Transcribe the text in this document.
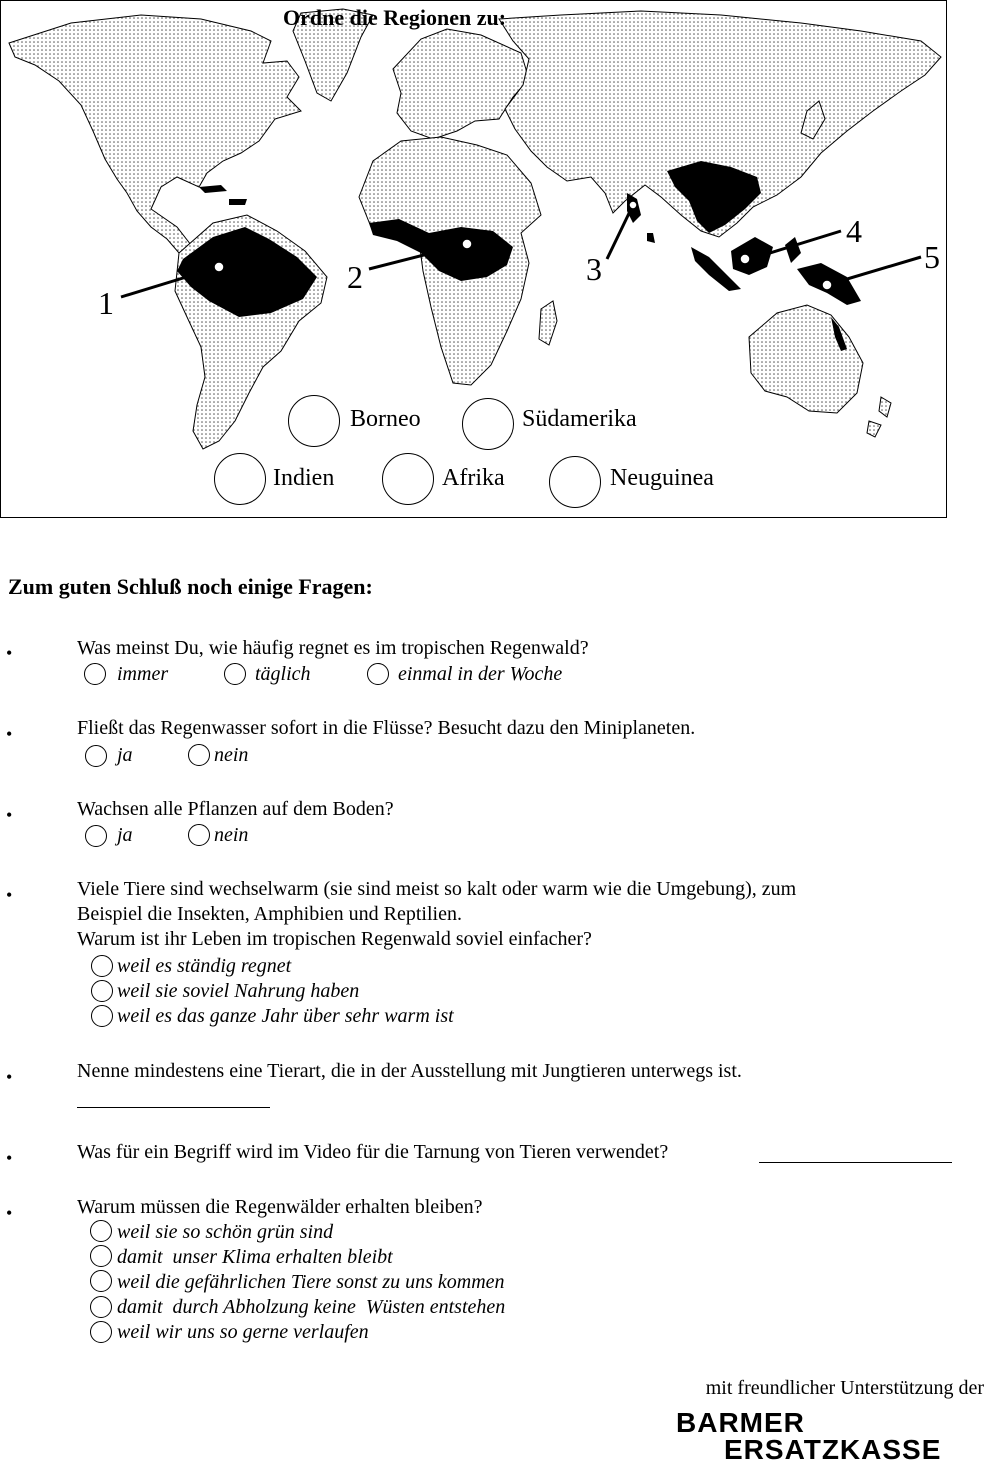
Ordne die Regionen zu:
1
2	3
4
5
Borneo	Südamerika
Indien	Afrika	Neuguinea
Zum guten Schluß noch einige Fragen:
•	Was meinst Du, wie häufig regnet es im tropischen Regenwald?
immer	täglich	einmal in der Woche
•	Fließt das Regenwasser sofort in die Flüsse? Besucht dazu den Miniplaneten.
ja	nein
•	Wachsen alle Pflanzen auf dem Boden?
ja	nein
•	Viele Tiere sind wechselwarm (sie sind meist so kalt oder warm wie die Umgebung), zum
Beispiel die Insekten, Amphibien und Reptilien.
Warum ist ihr Leben im tropischen Regenwald soviel einfacher?
weil es ständig regnet
weil sie soviel Nahrung haben
weil es das ganze Jahr über sehr warm ist
•	Nenne mindestens eine Tierart, die in der Ausstellung mit Jungtieren unterwegs ist.
•	Was für ein Begriff wird im Video für die Tarnung von Tieren verwendet?
•	Warum müssen die Regenwälder erhalten bleiben?
weil sie so schön grün sind
damit  unser Klima erhalten bleibt
weil die gefährlichen Tiere sonst zu uns kommen
damit  durch Abholzung keine  Wüsten entstehen
weil wir uns so gerne verlaufen
mit freundlicher Unterstützung der
BARMER
ERSATZKASSE
